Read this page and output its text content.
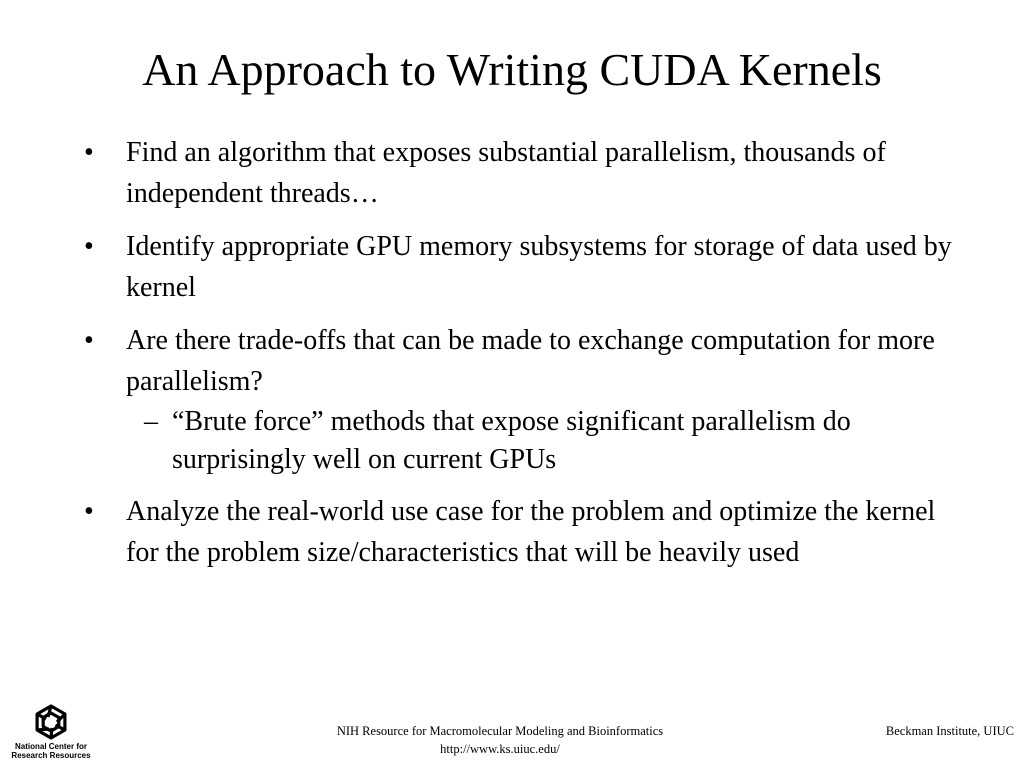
An Approach to Writing CUDA Kernels
• Find an algorithm that exposes substantial parallelism, thousands of independent threads…
• Identify appropriate GPU memory subsystems for storage of data used by kernel
• Are there trade-offs that can be made to exchange computation for more parallelism?
– “Brute force” methods that expose significant parallelism do surprisingly well on current GPUs
• Analyze the real-world use case for the problem and optimize the kernel for the problem size/characteristics that will be heavily used
National Center for
Research Resources
NIH Resource for Macromolecular Modeling and Bioinformatics
http://www.ks.uiuc.edu/
Beckman Institute, UIUC
